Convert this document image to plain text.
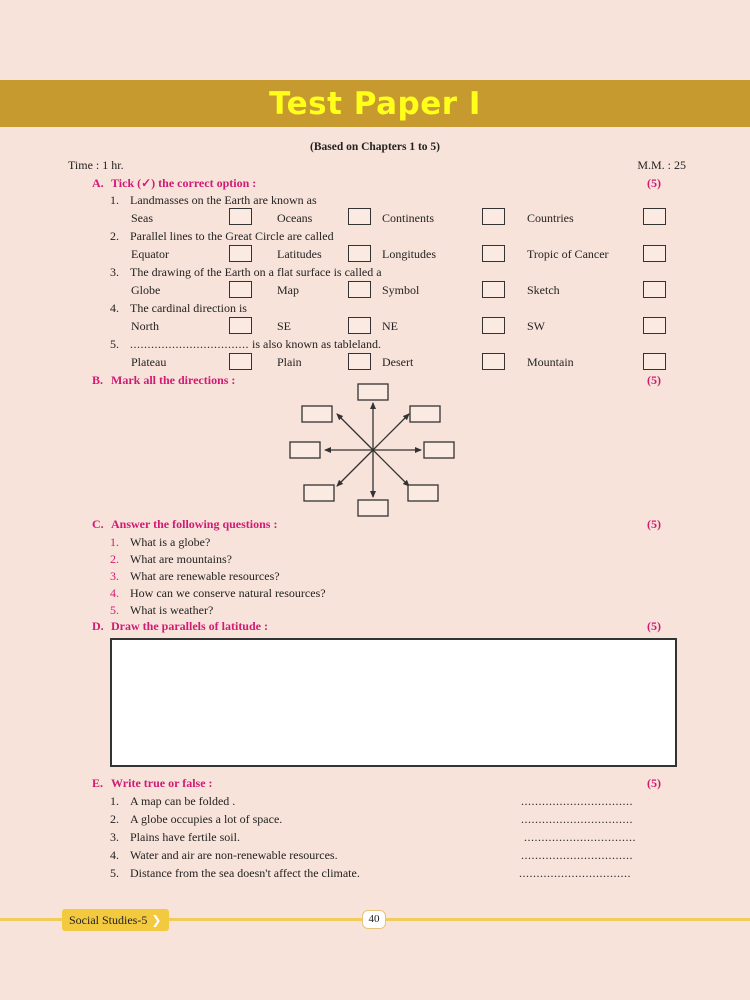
Test Paper I
(Based on Chapters 1 to 5)
Time : 1 hr.	M.M. : 25
A. Tick (✓) the correct option :	(5)
1. Landmasses on the Earth are known as
Seas	Oceans	Continents	Countries
2. Parallel lines to the Great Circle are called
Equator	Latitudes	Longitudes	Tropic of Cancer
3. The drawing of the Earth on a flat surface is called a
Globe	Map	Symbol	Sketch
4. The cardinal direction is
North	SE	NE	SW
5. .................................. is also known as tableland.
Plateau	Plain	Desert	Mountain
B. Mark all the directions :	(5)
C. Answer the following questions :	(5)
1. What is a globe?
2. What are mountains?
3. What are renewable resources?
4. How can we conserve natural resources?
5. What is weather?
D. Draw the parallels of latitude :	(5)
E. Write true or false :	(5)
1. A map can be folded .	................................
2. A globe occupies a lot of space.	................................
3. Plains have fertile soil.	................................
4. Water and air are non-renewable resources.	................................
5. Distance from the sea doesn't affect the climate.	................................
Social Studies-5 ❯	40
